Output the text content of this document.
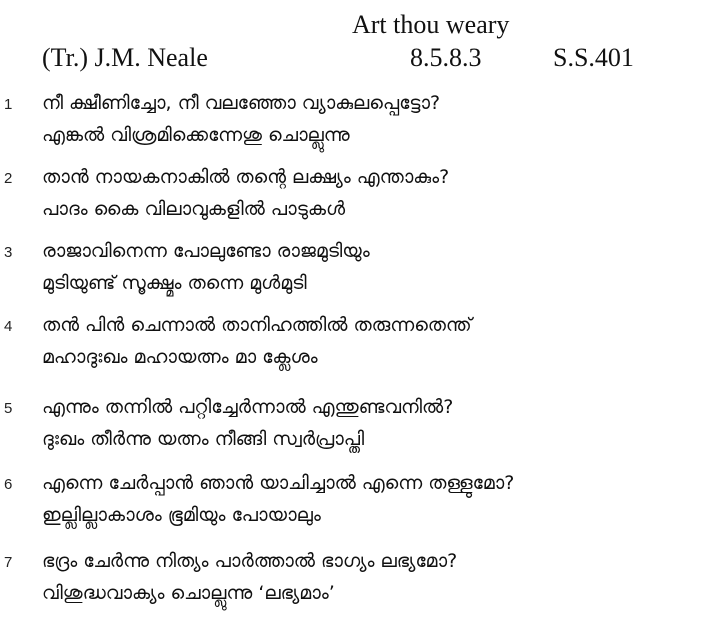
Art thou weary
(Tr.) J.M. Neale	8.5.8.3	S.S.401
1 നീ ക്ഷീണിച്ചോ, നീ വലഞ്ഞോ വ്യാകുലപ്പെട്ടോ?
എങ്കൽ വിശ്രമിക്കെന്നേശു ചൊല്ലുന്നു
2 താൻ നായകനാകിൽ തന്റെ ലക്ഷ്യം എന്താകും?
പാദം കൈ വിലാവുകളിൽ പാടുകൾ
3 രാജാവിനെന്ന പോലുണ്ടോ രാജമുടിയും
മുടിയുണ്ട് സൂക്ഷ്മം തന്നെ മുൾമുടി
4 തൻ പിൻ ചെന്നാൽ താനിഹത്തിൽ തരുന്നതെന്ത്
മഹാദുഃഖം മഹായത്നം മാ ക്ലേശം
5 എന്നും തന്നിൽ പറ്റിച്ചേർന്നാൽ എന്തുണ്ടവനിൽ?
ദുഃഖം തീർന്നു യത്നം നീങ്ങി സ്വർപ്രാപ്തി
6 എന്നെ ചേർപ്പാൻ ഞാൻ യാചിച്ചാൽ എന്നെ തള്ളുമോ?
ഇല്ലില്ലാകാശം ഭൂമിയും പോയാലും
7 ഭദ്രം ചേർന്നു നിത്യം പാർത്താൽ ഭാഗ്യം ലഭ്യമോ?
വിശുദ്ധവാക്യം ചൊല്ലുന്നു ‘ലഭ്യമാം’
